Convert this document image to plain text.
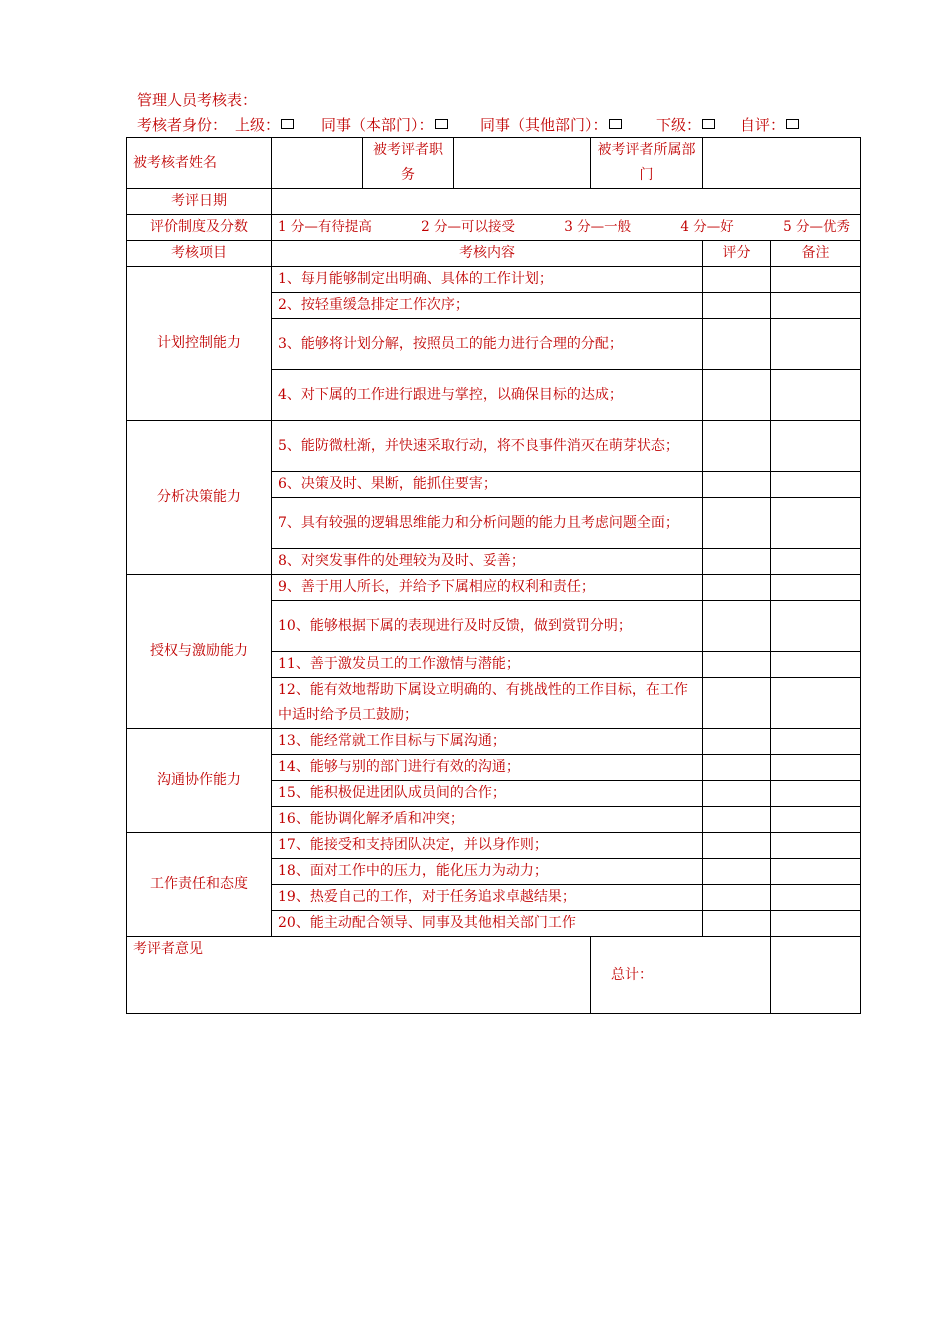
管理人员考核表：
考核者身份： 上级：	同事（本部门）：	同事（其他部门）：	下级：	自评：
被考核者姓名		被考评者职务		被考评者所属部门		
考评日期						
评价制度及分数	1 分—有待提高 2 分—可以接受 3 分—一般 4 分—好 5 分—优秀					

考核项目	考核内容				评分	备注
计划控制能力	1、每月能够制定出明确、具体的工作计划；					
	2、按轻重缓急排定工作次序；					
	3、能够将计划分解，按照员工的能力进行合理的分配；					
	4、对下属的工作进行跟进与掌控，以确保目标的达成；					
分析决策能力	5、能防微杜渐，并快速采取行动，将不良事件消灭在萌芽状态；					
	6、决策及时、果断，能抓住要害；					
	7、具有较强的逻辑思维能力和分析问题的能力且考虑问题全面；					
	8、对突发事件的处理较为及时、妥善；					
授权与激励能力	9、善于用人所长，并给予下属相应的权利和责任；					
	10、能够根据下属的表现进行及时反馈，做到赏罚分明；					
	11、善于激发员工的工作激情与潜能；					
	12、能有效地帮助下属设立明确的、有挑战性的工作目标，在工作中适时给予员工鼓励；					
沟通协作能力	13、能经常就工作目标与下属沟通；					
	14、能够与别的部门进行有效的沟通；					
	15、能积极促进团队成员间的合作；					
	16、能协调化解矛盾和冲突；					
工作责任和态度	17、能接受和支持团队决定，并以身作则；					
	18、面对工作中的压力，能化压力为动力；					
	19、热爱自己的工作，对于任务追求卓越结果；					
	20、能主动配合领导、同事及其他相关部门工作					
考评者意见				总计：		
